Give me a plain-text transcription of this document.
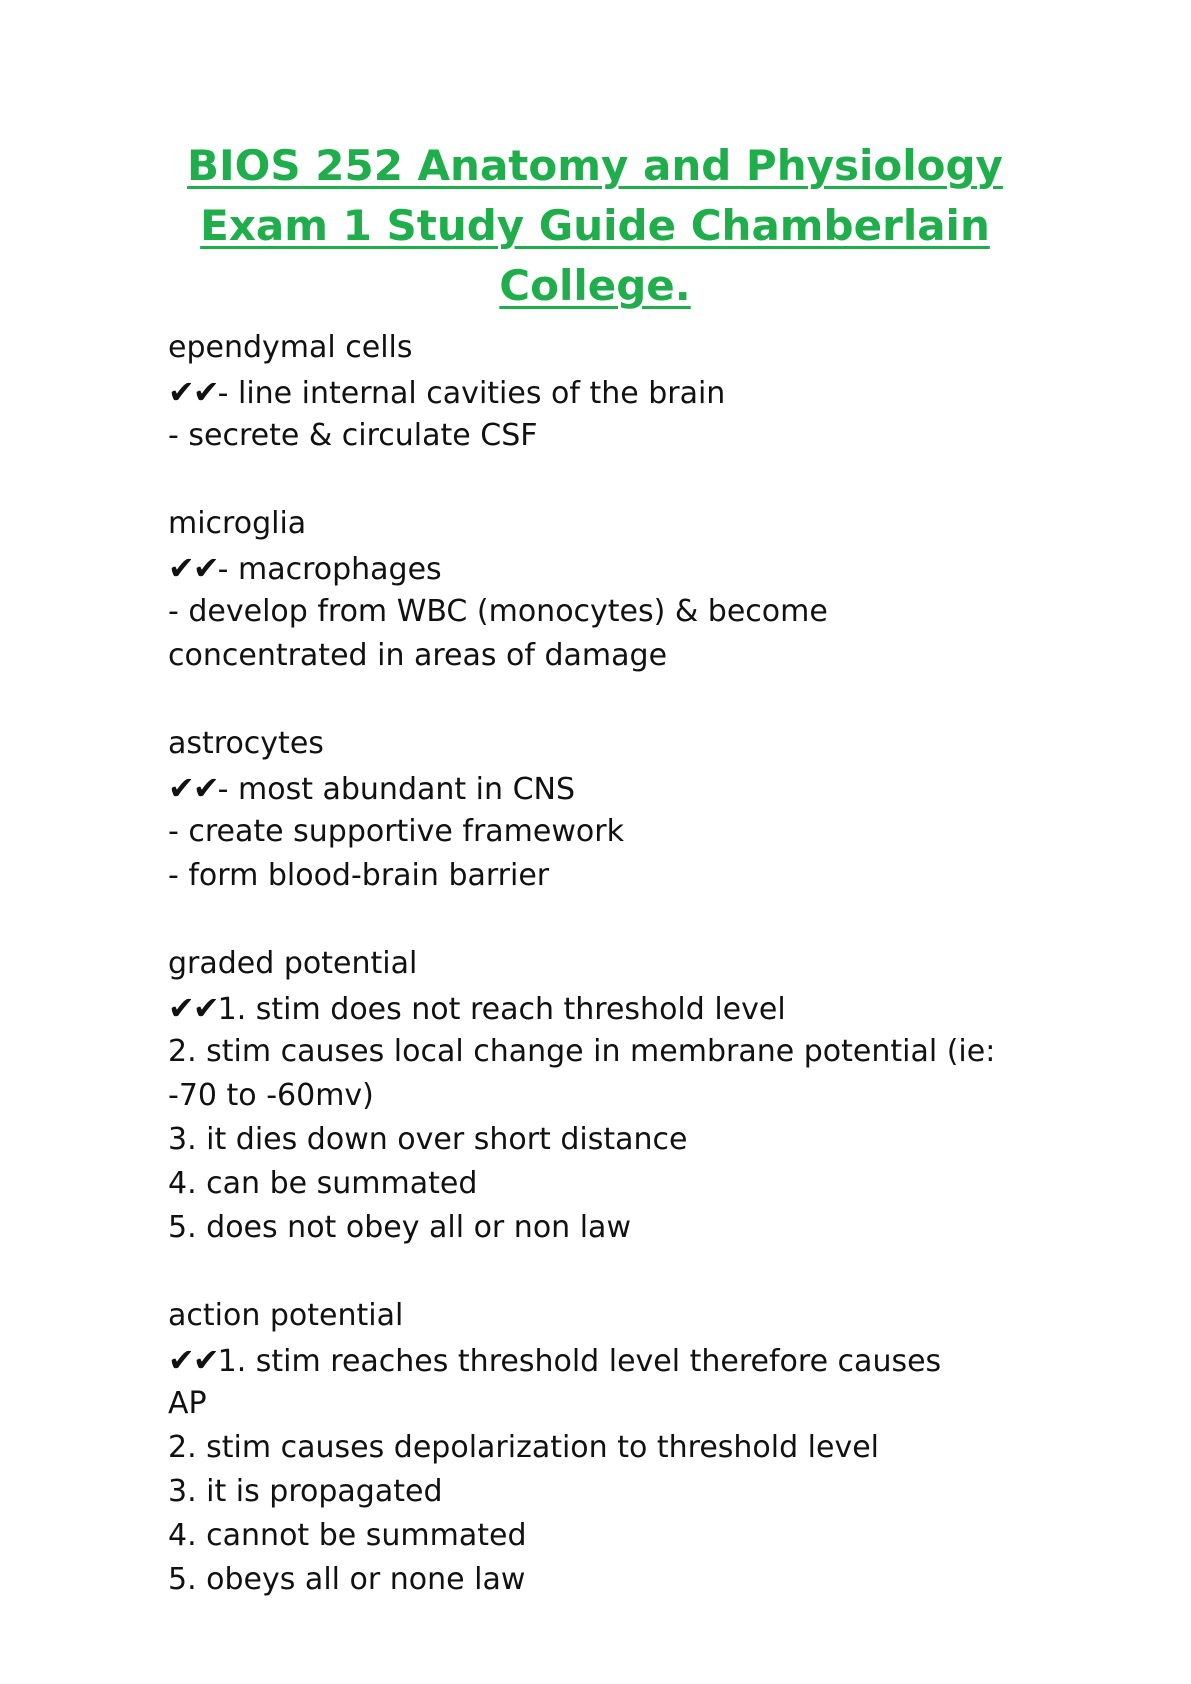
BIOS 252 Anatomy and Physiology
Exam 1 Study Guide Chamberlain
College.
ependymal cells
✔✔- line internal cavities of the brain
- secrete & circulate CSF
microglia
✔✔- macrophages
- develop from WBC (monocytes) & become
concentrated in areas of damage
astrocytes
✔✔- most abundant in CNS
- create supportive framework
- form blood-brain barrier
graded potential
✔✔1. stim does not reach threshold level
2. stim causes local change in membrane potential (ie:
-70 to -60mv)
3. it dies down over short distance
4. can be summated
5. does not obey all or non law
action potential
✔✔1. stim reaches threshold level therefore causes
AP
2. stim causes depolarization to threshold level
3. it is propagated
4. cannot be summated
5. obeys all or none law
